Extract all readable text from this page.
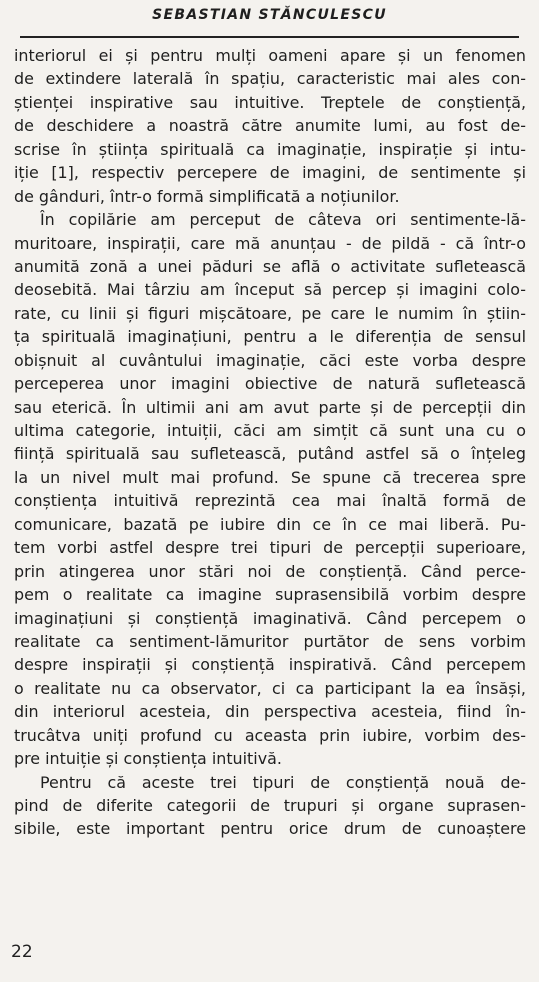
SEBASTIAN STĂNCULESCU
interiorul ei și pentru mulți oameni apare și un fenomen
de extindere laterală în spațiu, caracteristic mai ales con-
știenței inspirative sau intuitive. Treptele de conștiență,
de deschidere a noastră către anumite lumi, au fost de-
scrise în știința spirituală ca imaginație, inspirație și intu-
iție [1], respectiv percepere de imagini, de sentimente și
de gânduri, într-o formă simplificată a noțiunilor.
În copilărie am perceput de câteva ori sentimente-lă-
muritoare, inspirații, care mă anunțau - de pildă - că într-o
anumită zonă a unei păduri se află o activitate sufletească
deosebită. Mai târziu am început să percep și imagini colo-
rate, cu linii și figuri mișcătoare, pe care le numim în știin-
ța spirituală imaginațiuni, pentru a le diferenția de sensul
obișnuit al cuvântului imaginație, căci este vorba despre
perceperea unor imagini obiective de natură sufletească
sau eterică. În ultimii ani am avut parte și de percepții din
ultima categorie, intuiții, căci am simțit că sunt una cu o
ființă spirituală sau sufletească, putând astfel să o înțeleg
la un nivel mult mai profund. Se spune că trecerea spre
conștiența intuitivă reprezintă cea mai înaltă formă de
comunicare, bazată pe iubire din ce în ce mai liberă. Pu-
tem vorbi astfel despre trei tipuri de percepții superioare,
prin atingerea unor stări noi de conștiență. Când perce-
pem o realitate ca imagine suprasensibilă vorbim despre
imaginațiuni și conștiență imaginativă. Când percepem o
realitate ca sentiment-lămuritor purtător de sens vorbim
despre inspirații și conștiență inspirativă. Când percepem
o realitate nu ca observator, ci ca participant la ea însăși,
din interiorul acesteia, din perspectiva acesteia, fiind în-
trucâtva uniți profund cu aceasta prin iubire, vorbim des-
pre intuiție și conștiența intuitivă.
Pentru că aceste trei tipuri de conștiență nouă de-
pind de diferite categorii de trupuri și organe suprasen-
sibile, este important pentru orice drum de cunoaștere
22
